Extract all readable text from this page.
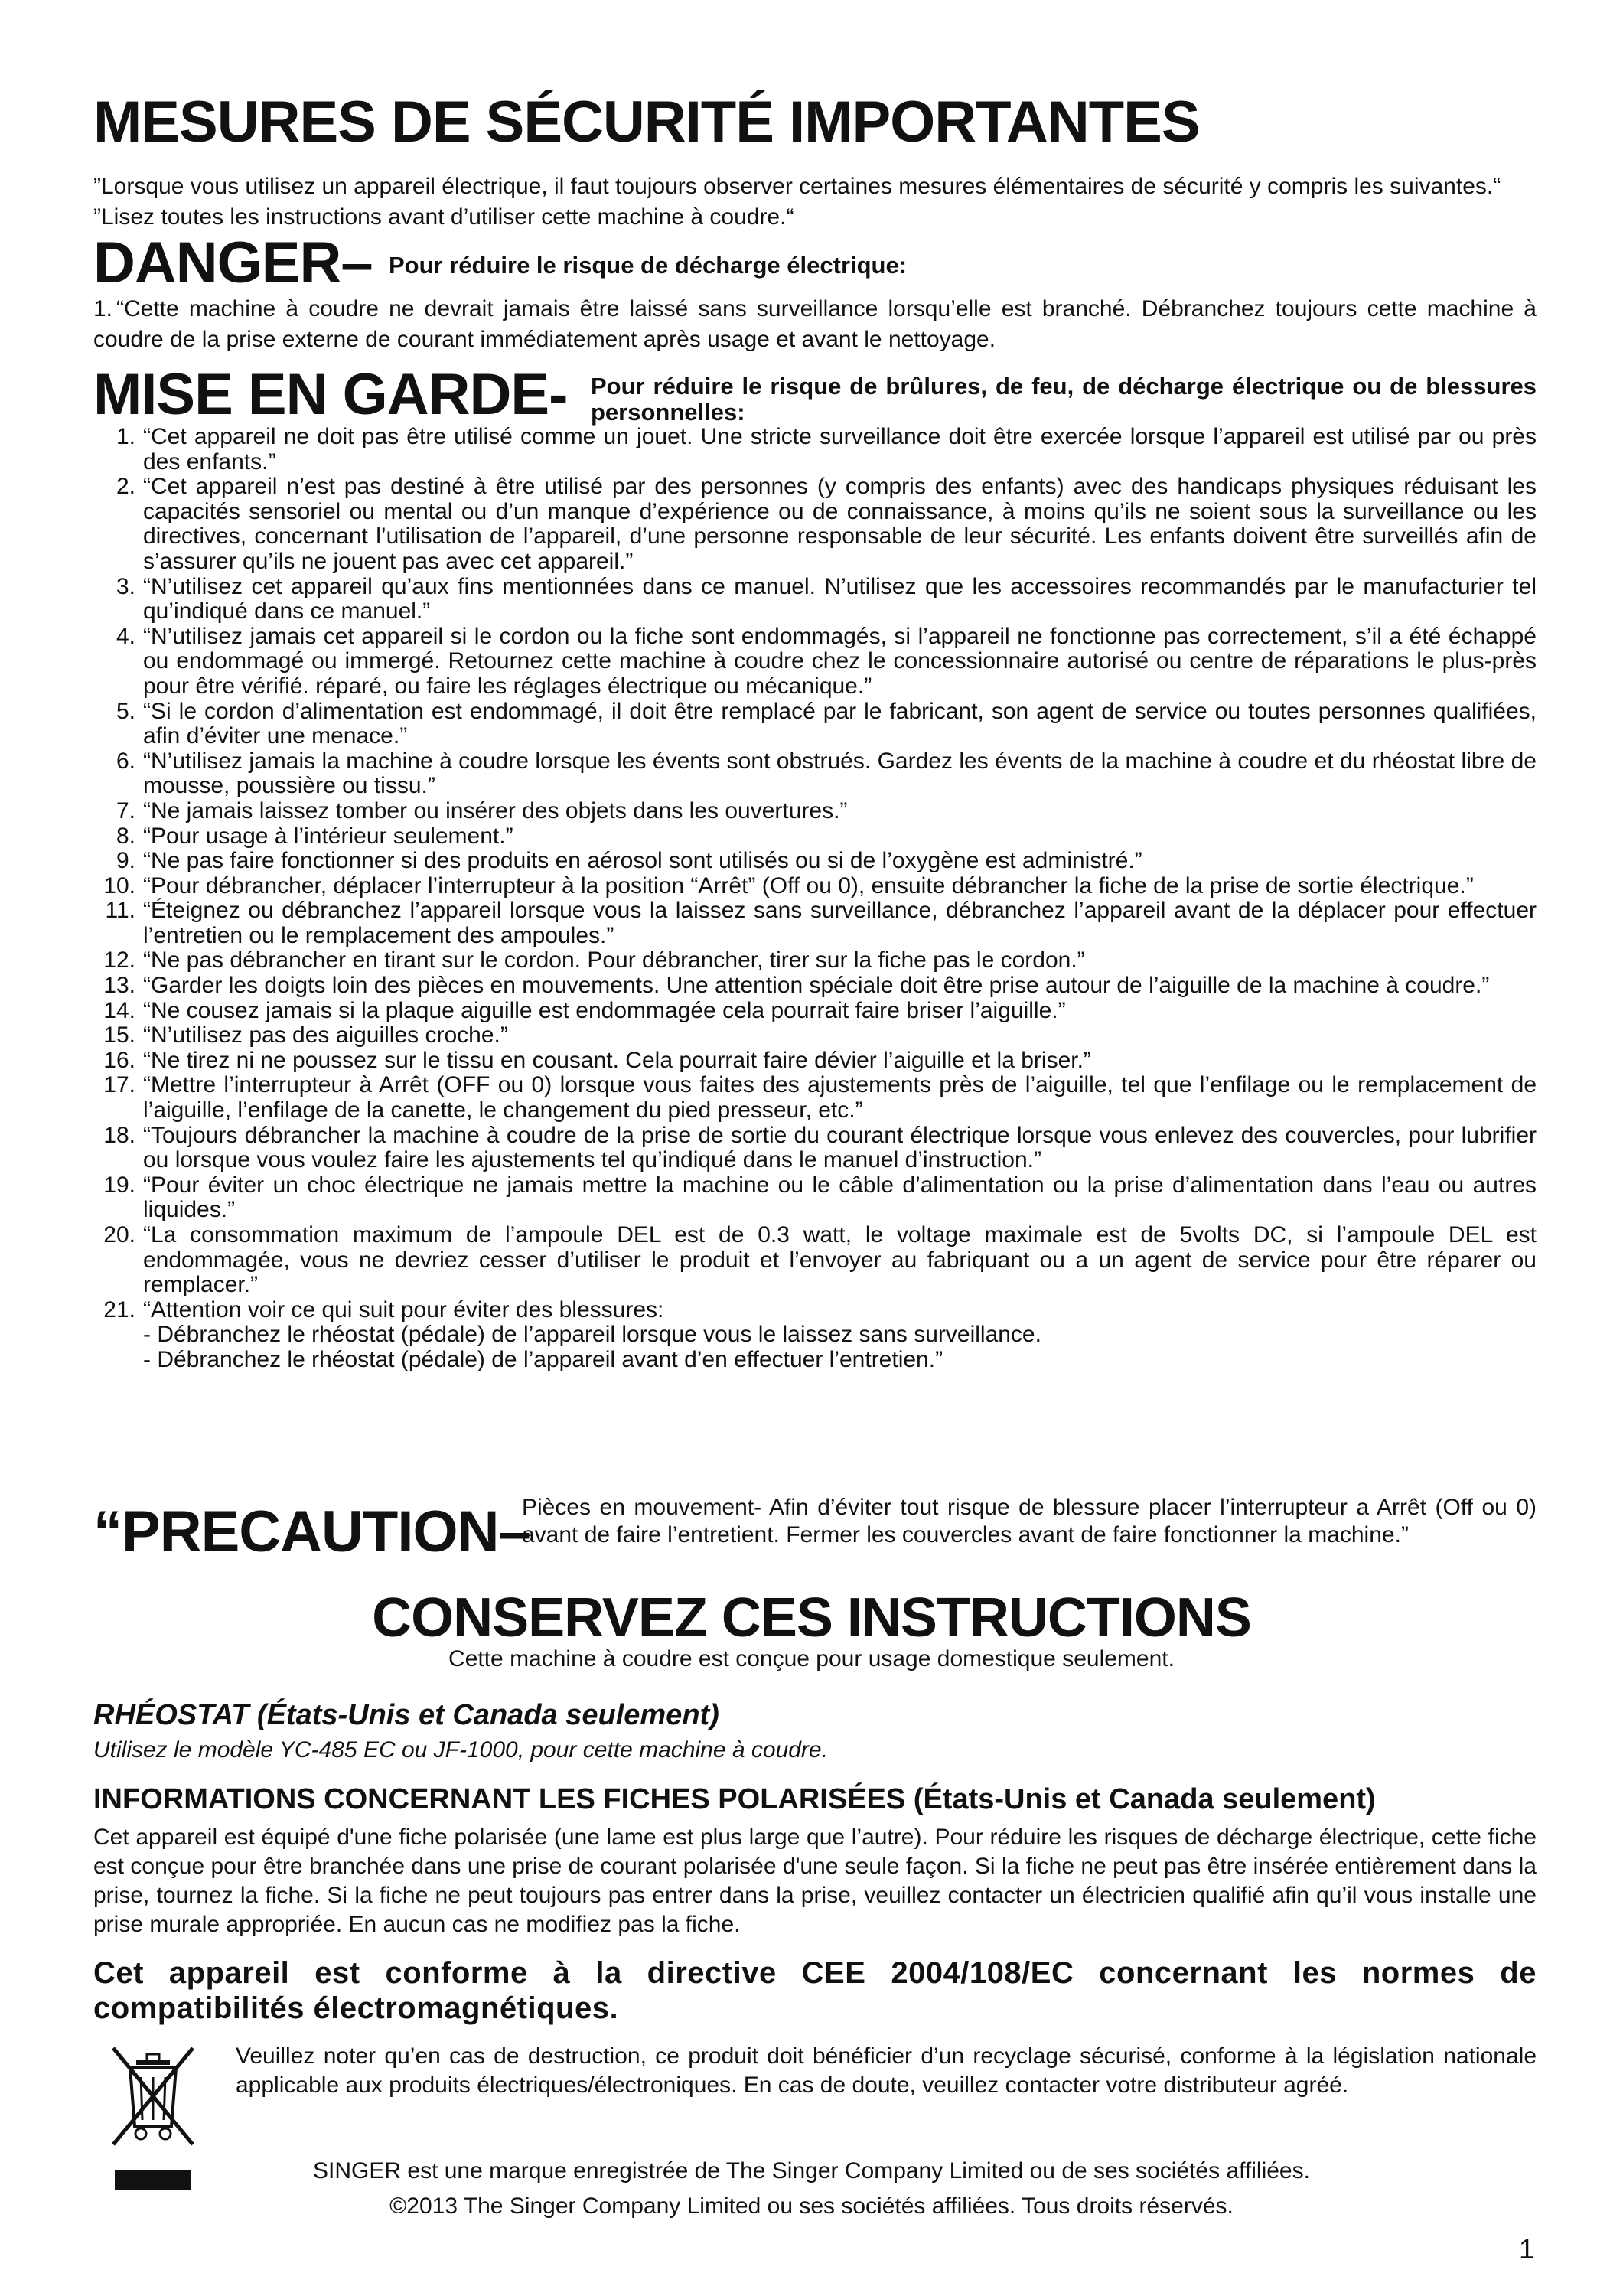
MESURES DE SÉCURITÉ IMPORTANTES

”Lorsque vous utilisez un appareil électrique, il faut toujours observer certaines mesures élémentaires de sécurité y compris les suivantes.“

”Lisez toutes les instructions avant d’utiliser cette machine à coudre.“

DANGER– Pour réduire le risque de décharge électrique:
1. “Cette machine à coudre ne devrait jamais être laissé sans surveillance lorsqu’elle est branché. Débranchez toujours cette machine à coudre de la prise externe de courant immédiatement après usage et avant le nettoyage.
MISE EN GARDE- Pour réduire le risque de brûlures, de feu, de décharge électrique ou de blessures personnelles:
1. “Cet appareil ne doit pas être utilisé comme un jouet. Une stricte surveillance doit être exercée lorsque l’appareil est utilisé par ou près des enfants.”
2. “Cet appareil n’est pas destiné à être utilisé par des personnes (y compris des enfants) avec des handicaps physiques réduisant les capacités sensoriel ou mental ou d’un manque d’expérience ou de connaissance, à moins qu’ils ne soient sous la surveillance ou les directives, concernant l’utilisation de l’appareil, d’une personne responsable de leur sécurité. Les enfants doivent être surveillés afin de s’assurer qu’ils ne jouent pas avec cet appareil.”
3. “N’utilisez cet appareil qu’aux fins mentionnées dans ce manuel. N’utilisez que les accessoires recommandés par le manufacturier tel qu’indiqué dans ce manuel.”
4. “N’utilisez jamais cet appareil si le cordon ou la fiche sont endommagés, si l’appareil ne fonctionne pas correctement, s’il a été échappé ou endommagé ou immergé. Retournez cette machine à coudre chez le concessionnaire autorisé ou centre de réparations le plus-près pour être vérifié. réparé, ou faire les réglages électrique ou mécanique.”
5. “Si le cordon d’alimentation est endommagé, il doit être remplacé par le fabricant, son agent de service ou toutes personnes qualifiées, afin d’éviter une menace.”
6. “N’utilisez jamais la machine à coudre lorsque les évents sont obstrués. Gardez les évents de la machine à coudre et du rhéostat libre de mousse, poussière ou tissu.”
7. “Ne jamais laissez tomber ou insérer des objets dans les ouvertures.”
8. “Pour usage à l’intérieur seulement.”
9. “Ne pas faire fonctionner si des produits en aérosol sont utilisés ou si de l’oxygène est administré.”
10. “Pour débrancher, déplacer l’interrupteur à la position “Arrêt” (Off ou 0), ensuite débrancher la fiche de la prise de sortie électrique.”
11. “Éteignez ou débranchez l’appareil lorsque vous la laissez sans surveillance, débranchez l’appareil avant de la déplacer pour effectuer l’entretien ou le remplacement des ampoules.”
12. “Ne pas débrancher en tirant sur le cordon. Pour débrancher, tirer sur la fiche pas le cordon.”
13. “Garder les doigts loin des pièces en mouvements. Une attention spéciale doit être prise autour de l’aiguille de la machine à coudre.”
14. “Ne cousez jamais si la plaque aiguille est endommagée cela pourrait faire briser l’aiguille.”
15. “N’utilisez pas des aiguilles croche.”
16. “Ne tirez ni ne poussez sur le tissu en cousant. Cela pourrait faire dévier l’aiguille et la briser.”
17. “Mettre l’interrupteur à Arrêt (OFF ou 0) lorsque vous faites des ajustements près de l’aiguille, tel que l’enfilage ou le remplacement de l’aiguille, l’enfilage de la canette, le changement du pied presseur, etc.”
18. “Toujours débrancher la machine à coudre de la prise de sortie du courant électrique lorsque vous enlevez des couvercles, pour lubrifier ou lorsque vous voulez faire les ajustements tel qu’indiqué dans le manuel d’instruction.”
19. “Pour éviter un choc électrique ne jamais mettre la machine ou le câble d’alimentation ou la prise d’alimentation dans l’eau ou autres liquides.”
20. “La consommation maximum de l’ampoule DEL est de 0.3 watt, le voltage maximale est de 5volts DC, si l’ampoule DEL est endommagée, vous ne devriez cesser d’utiliser le produit et l’envoyer au fabriquant ou a un agent de service pour être réparer ou remplacer.”
21. “Attention voir ce qui suit pour éviter des blessures:
- Débranchez le rhéostat (pédale) de l’appareil lorsque vous le laissez sans surveillance.
- Débranchez le rhéostat (pédale) de l’appareil avant d’en effectuer l’entretien.”
“PRECAUTION–
Pièces en mouvement- Afin d’éviter tout risque de blessure placer l’interrupteur a Arrêt (Off ou 0) avant de faire l’entretient. Fermer les couvercles avant de faire fonctionner la machine.”
CONSERVEZ CES INSTRUCTIONS
Cette machine à coudre est conçue pour usage domestique seulement.
RHÉOSTAT (États-Unis et Canada seulement)
Utilisez le modèle YC-485 EC ou JF-1000, pour cette machine à coudre.
INFORMATIONS CONCERNANT LES FICHES POLARISÉES (États-Unis et Canada seulement)
Cet appareil est équipé d'une fiche polarisée (une lame est plus large que l’autre). Pour réduire les risques de décharge électrique, cette fiche est conçue pour être branchée dans une prise de courant polarisée d'une seule façon. Si la fiche ne peut pas être insérée entièrement dans la prise, tournez la fiche. Si la fiche ne peut toujours pas entrer dans la prise, veuillez contacter un électricien qualifié afin qu’il vous installe une prise murale appropriée. En aucun cas ne modifiez pas la fiche.
Cet appareil est conforme à la directive CEE 2004/108/EC concernant les normes de compatibilités électromagnétiques.
Veuillez noter qu’en cas de destruction, ce produit doit bénéficier d’un recyclage sécurisé, conforme à la législation nationale applicable aux produits électriques/électroniques. En cas de doute, veuillez contacter votre distributeur agréé.
SINGER est une marque enregistrée de The Singer Company Limited ou de ses sociétés affiliées.
©2013 The Singer Company Limited ou ses sociétés affiliées. Tous droits réservés.
1
